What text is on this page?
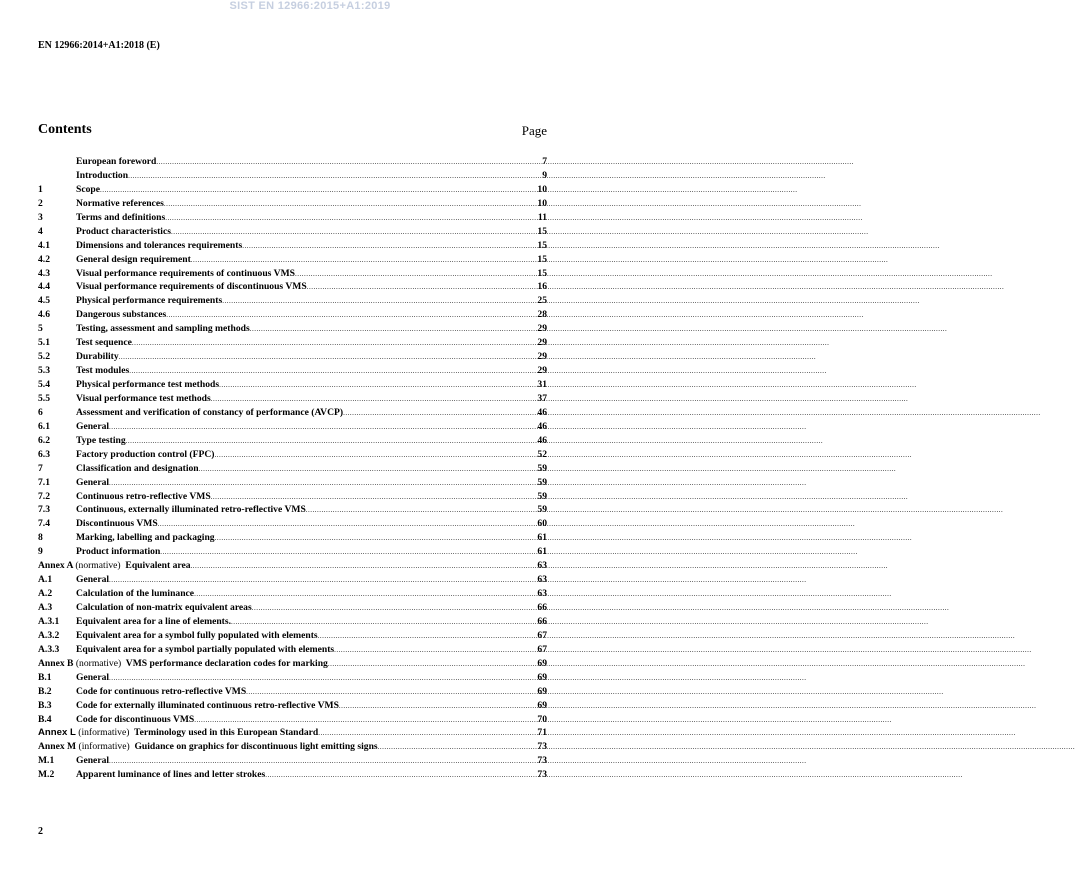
SIST EN 12966:2015+A1:2019
EN 12966:2014+A1:2018 (E)
Contents	Page
European foreword .....	7
Introduction .....	9
1	Scope .....	10
2	Normative references .....	10
3	Terms and definitions .....	11
4	Product characteristics .....	15
4.1	Dimensions and tolerances requirements .....	15
4.2	General design requirement .....	15
4.3	Visual performance requirements of continuous VMS .....	15
4.4	Visual performance requirements of discontinuous VMS .....	16
4.5	Physical performance requirements .....	25
4.6	Dangerous substances .....	28
5	Testing, assessment and sampling methods .....	29
5.1	Test sequence .....	29
5.2	Durability .....	29
5.3	Test modules .....	29
5.4	Physical performance test methods .....	31
5.5	Visual performance test methods .....	37
6	Assessment and verification of constancy of performance (AVCP) .....	46
6.1	General .....	46
6.2	Type testing .....	46
6.3	Factory production control (FPC) .....	52
7	Classification and designation .....	59
7.1	General .....	59
7.2	Continuous retro-reflective VMS .....	59
7.3	Continuous, externally illuminated retro-reflective VMS .....	59
7.4	Discontinuous VMS .....	60
8	Marking, labelling and packaging .....	61
9	Product information .....	61
Annex A (normative) Equivalent area .....	63
A.1	General .....	63
A.2	Calculation of the luminance .....	63
A.3	Calculation of non-matrix equivalent areas .....	66
A.3.1	Equivalent area for a line of elements. .....	66
A.3.2	Equivalent area for a symbol fully populated with elements .....	67
A.3.3	Equivalent area for a symbol partially populated with elements .....	67
Annex B (normative) VMS performance declaration codes for marking .....	69
B.1	General .....	69
B.2	Code for continuous retro-reflective VMS .....	69
B.3	Code for externally illuminated continuous retro-reflective VMS .....	69
B.4	Code for discontinuous VMS .....	70
Annex L (informative) Terminology used in this European Standard .....	71
Annex M (informative) Guidance on graphics for discontinuous light emitting signs .....	73
M.1	General .....	73
M.2	Apparent luminance of lines and letter strokes .....	73
2
